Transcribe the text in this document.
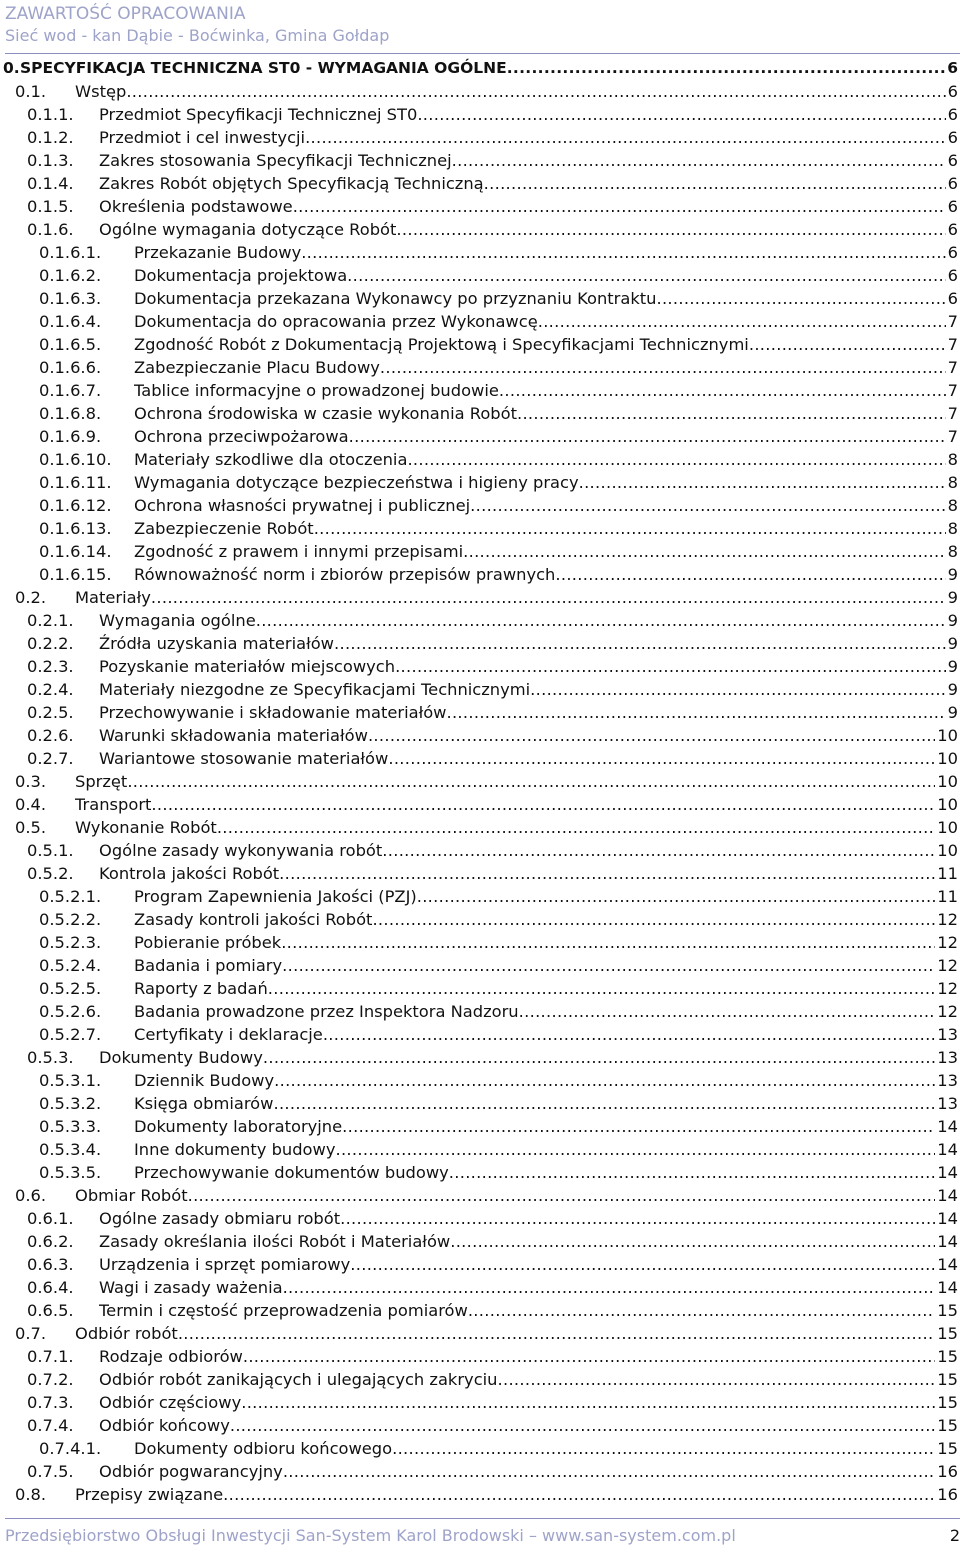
ZAWARTOŚĆ OPRACOWANIA
Sieć wod - kan Dąbie - Boćwinka, Gmina Gołdap
0. SPECYFIKACJA TECHNICZNA ST0 - WYMAGANIA OGÓLNE .....	6
0.1. Wstęp .....	6
0.1.1. Przedmiot Specyfikacji Technicznej ST0 .....	6
0.1.2. Przedmiot i cel inwestycji .....	6
0.1.3. Zakres stosowania Specyfikacji Technicznej .....	6
0.1.4. Zakres Robót objętych Specyfikacją Techniczną .....	6
0.1.5. Określenia podstawowe .....	6
0.1.6. Ogólne wymagania dotyczące Robót .....	6
0.1.6.1. Przekazanie Budowy .....	6
0.1.6.2. Dokumentacja projektowa .....	6
0.1.6.3. Dokumentacja przekazana Wykonawcy po przyznaniu Kontraktu .....	6
0.1.6.4. Dokumentacja do opracowania przez Wykonawcę .....	7
0.1.6.5. Zgodność Robót z Dokumentacją Projektową i Specyfikacjami Technicznymi .....	7
0.1.6.6. Zabezpieczanie Placu Budowy .....	7
0.1.6.7. Tablice informacyjne o prowadzonej budowie .....	7
0.1.6.8. Ochrona środowiska w czasie wykonania Robót .....	7
0.1.6.9. Ochrona przeciwpożarowa .....	7
0.1.6.10. Materiały szkodliwe dla otoczenia .....	8
0.1.6.11. Wymagania dotyczące bezpieczeństwa i higieny pracy .....	8
0.1.6.12. Ochrona własności prywatnej i publicznej .....	8
0.1.6.13. Zabezpieczenie Robót .....	8
0.1.6.14. Zgodność z prawem i innymi przepisami .....	8
0.1.6.15. Równoważność norm i zbiorów przepisów prawnych .....	9
0.2. Materiały .....	9
0.2.1. Wymagania ogólne .....	9
0.2.2. Źródła uzyskania materiałów .....	9
0.2.3. Pozyskanie materiałów miejscowych .....	9
0.2.4. Materiały niezgodne ze Specyfikacjami Technicznymi .....	9
0.2.5. Przechowywanie i składowanie materiałów .....	9
0.2.6. Warunki składowania materiałów .....	10
0.2.7. Wariantowe stosowanie materiałów .....	10
0.3. Sprzęt .....	10
0.4. Transport .....	10
0.5. Wykonanie Robót .....	10
0.5.1. Ogólne zasady wykonywania robót .....	10
0.5.2. Kontrola jakości Robót .....	11
0.5.2.1. Program Zapewnienia Jakości (PZJ) .....	11
0.5.2.2. Zasady kontroli jakości Robót .....	12
0.5.2.3. Pobieranie próbek .....	12
0.5.2.4. Badania i pomiary .....	12
0.5.2.5. Raporty z badań .....	12
0.5.2.6. Badania prowadzone przez Inspektora Nadzoru .....	12
0.5.2.7. Certyfikaty i deklaracje .....	13
0.5.3. Dokumenty Budowy .....	13
0.5.3.1. Dziennik Budowy .....	13
0.5.3.2. Księga obmiarów .....	13
0.5.3.3. Dokumenty laboratoryjne .....	14
0.5.3.4. Inne dokumenty budowy .....	14
0.5.3.5. Przechowywanie dokumentów budowy .....	14
0.6. Obmiar Robót .....	14
0.6.1. Ogólne zasady obmiaru robót .....	14
0.6.2. Zasady określania ilości Robót i Materiałów .....	14
0.6.3. Urządzenia i sprzęt pomiarowy .....	14
0.6.4. Wagi i zasady ważenia .....	14
0.6.5. Termin i częstość przeprowadzenia pomiarów .....	15
0.7. Odbiór robót .....	15
0.7.1. Rodzaje odbiorów .....	15
0.7.2. Odbiór robót zanikających i ulegających zakryciu .....	15
0.7.3. Odbiór częściowy .....	15
0.7.4. Odbiór końcowy .....	15
0.7.4.1. Dokumenty odbioru końcowego .....	15
0.7.5. Odbiór pogwarancyjny .....	16
0.8. Przepisy związane .....	16
Przedsiębiorstwo Obsługi Inwestycji San-System Karol Brodowski – www.san-system.com.pl	2
